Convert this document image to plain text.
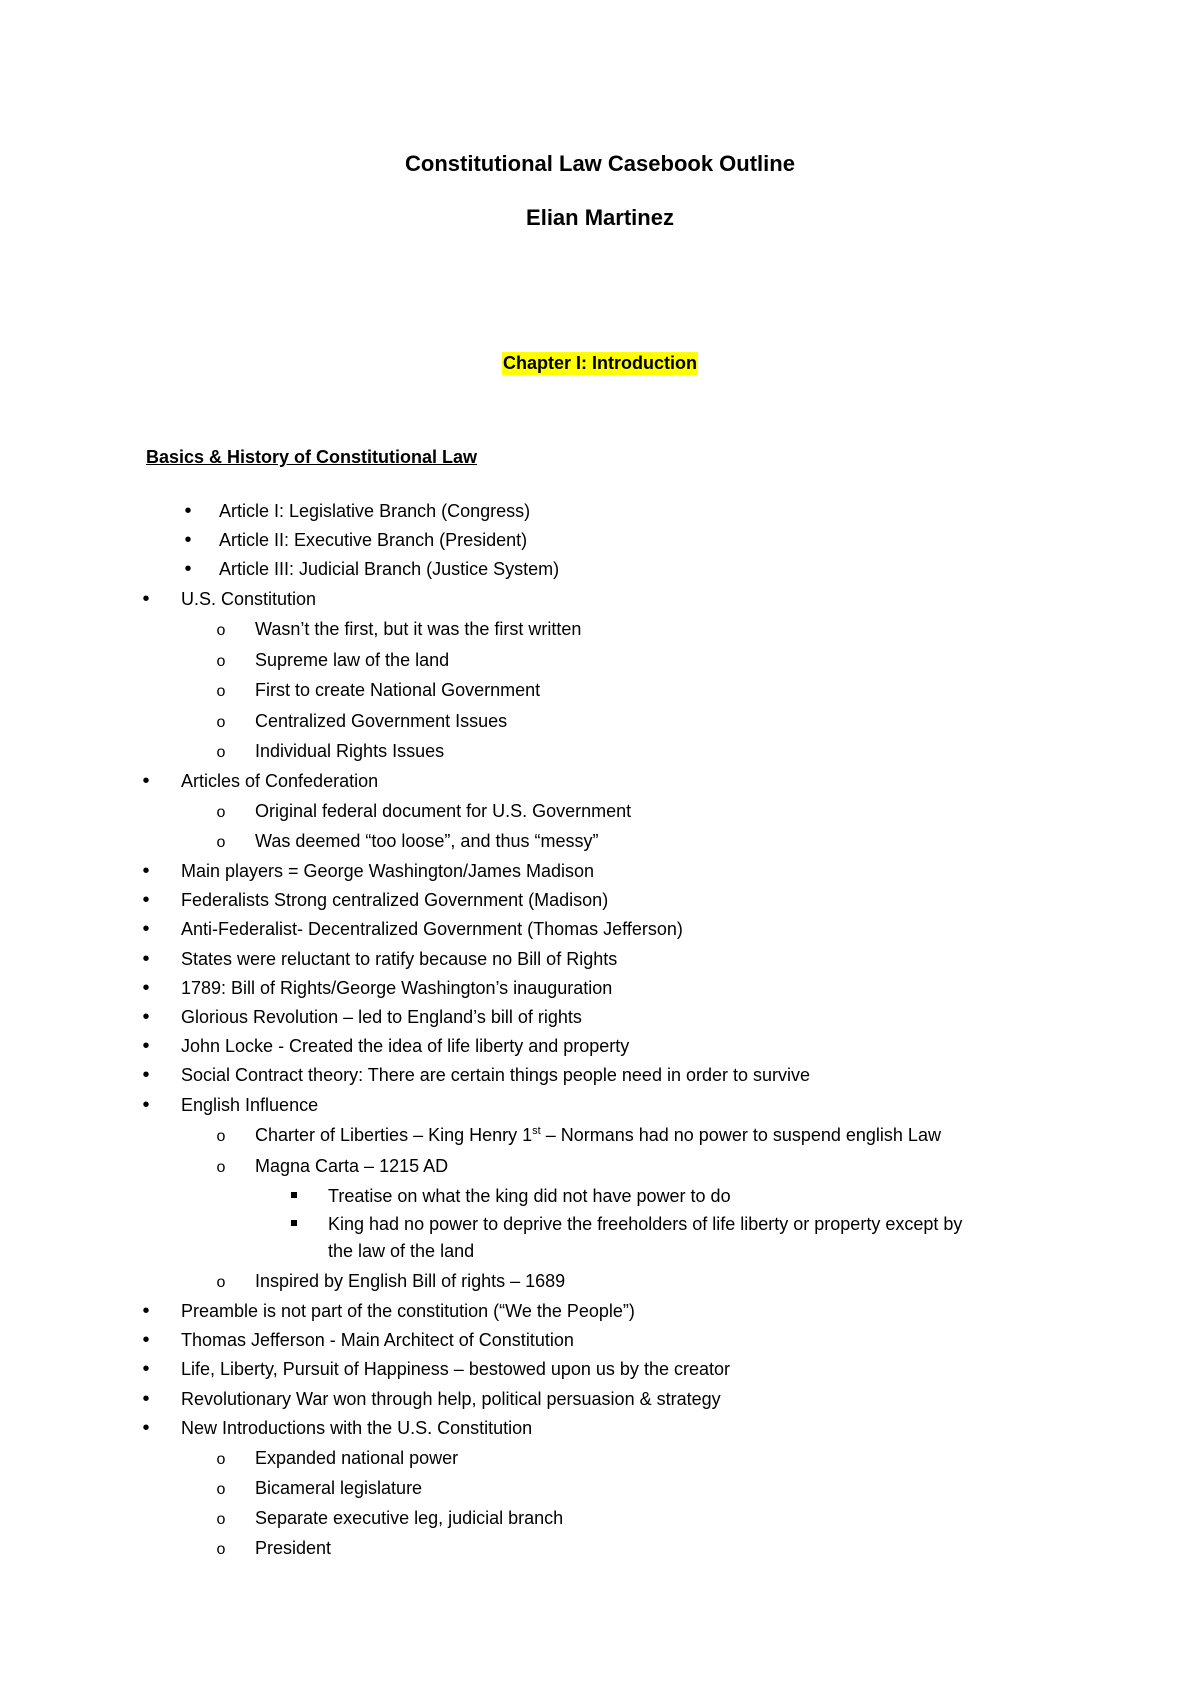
Constitutional Law Casebook Outline
Elian Martinez
Chapter I: Introduction
Basics & History of Constitutional Law
•
Article I: Legislative Branch (Congress)
•
Article II: Executive Branch (President)
•
Article III: Judicial Branch (Justice System)
•
U.S. Constitution
o
Wasn’t the first, but it was the first written
o
Supreme law of the land
o
First to create National Government
o
Centralized Government Issues
o
Individual Rights Issues
•
Articles of Confederation
o
Original federal document for U.S. Government
o
Was deemed “too loose”, and thus “messy”
•
Main players = George Washington/James Madison
•
Federalists Strong centralized Government (Madison)
•
Anti-Federalist- Decentralized Government (Thomas Jefferson)
•
States were reluctant to ratify because no Bill of Rights
•
1789: Bill of Rights/George Washington’s inauguration
•
Glorious Revolution – led to England’s bill of rights
•
John Locke - Created the idea of life liberty and property
•
Social Contract theory: There are certain things people need in order to survive
•
English Influence
o
Charter of Liberties – King Henry 1st – Normans had no power to suspend english Law
o
Magna Carta – 1215 AD
Treatise on what the king did not have power to do
King had no power to deprive the freeholders of life liberty or property except by
the law of the land
o
Inspired by English Bill of rights – 1689
•
Preamble is not part of the constitution (“We the People”)
•
Thomas Jefferson - Main Architect of Constitution
•
Life, Liberty, Pursuit of Happiness – bestowed upon us by the creator
•
Revolutionary War won through help, political persuasion & strategy
•
New Introductions with the U.S. Constitution
o
Expanded national power
o
Bicameral legislature
o
Separate executive leg, judicial branch
o
President
